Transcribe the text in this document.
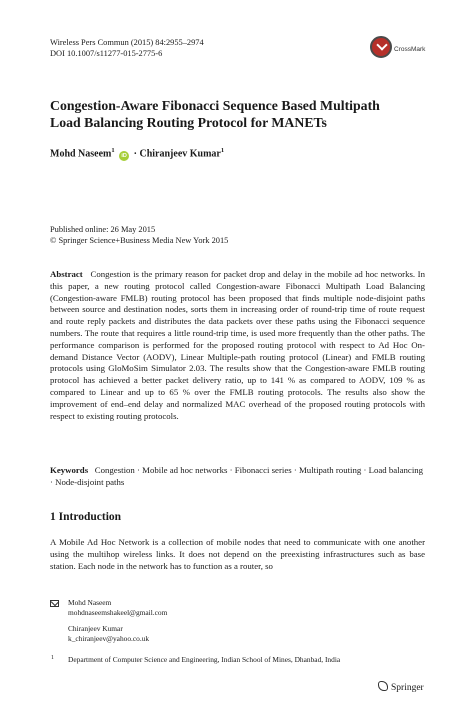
Wireless Pers Commun (2015) 84:2955–2974
DOI 10.1007/s11277-015-2775-6	CrossMark
Congestion-Aware Fibonacci Sequence Based Multipath
Load Balancing Routing Protocol for MANETs
Mohd Naseem$^1$ iD · Chiranjeev Kumar$^1$
Published online: 26 May 2015
© Springer Science+Business Media New York 2015
Abstract Congestion is the primary reason for packet drop and delay in the mobile ad hoc networks. In this paper, a new routing protocol called Congestion-aware Fibonacci Multipath Load Balancing (Congestion-aware FMLB) routing protocol has been proposed that finds multiple node-disjoint paths between source and destination nodes, sorts them in increasing order of round-trip time of route request and route reply packets and distributes the data packets over these paths using the Fibonacci sequence numbers. The route that requires a little round-trip time, is used more frequently than the other paths. The performance comparison is performed for the proposed routing protocol with respect to Ad Hoc On-demand Distance Vector (AODV), Linear Multiple-path routing protocol (Linear) and FMLB routing protocols using GloMoSim Simulator 2.03. The results show that the Congestion-aware FMLB routing protocol has achieved a better packet delivery ratio, up to 141 % as compared to AODV, 109 % as compared to Linear and up to 65 % over the FMLB routing protocols. The results also show the improvement of end–end delay and normalized MAC overhead of the proposed routing protocols with respect to existing routing protocols.
Keywords Congestion · Mobile ad hoc networks · Fibonacci series · Multipath routing · Load balancing · Node-disjoint paths
1 Introduction
A Mobile Ad Hoc Network is a collection of mobile nodes that need to communicate with one another using the multihop wireless links. It does not depend on the preexisting infrastructures such as base station. Each node in the network has to function as a router, so
Mohd Naseem
mohdnaseemshakeel@gmail.com
Chiranjeev Kumar
k_chiranjeev@yahoo.co.uk
1 Department of Computer Science and Engineering, Indian School of Mines, Dhanbad, India
Springer
